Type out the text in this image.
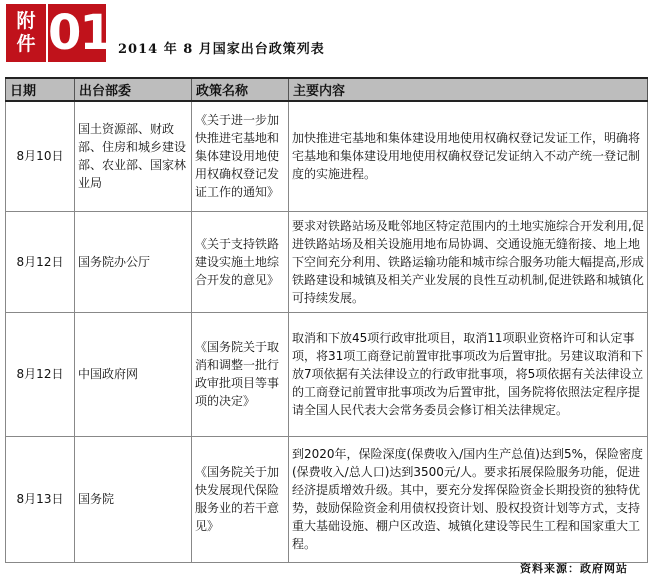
附
件 01 2014 年 8 月国家出台政策列表
日期	出台部委	政策名称	主要内容
8月10日	国土资源部、财政部、住房和城乡建设部、农业部、国家林业局	《关于进一步加快推进宅基地和集体建设用地使用权确权登记发证工作的通知》	加快推进宅基地和集体建设用地使用权确权登记发证工作，明确将宅基地和集体建设用地使用权确权登记发证纳入不动产统一登记制度的实施进程。
8月12日	国务院办公厅	《关于支持铁路建设实施土地综合开发的意见》	要求对铁路站场及毗邻地区特定范围内的土地实施综合开发利用,促进铁路站场及相关设施用地布局协调、交通设施无缝衔接、地上地下空间充分利用、铁路运输功能和城市综合服务功能大幅提高,形成铁路建设和城镇及相关产业发展的良性互动机制,促进铁路和城镇化可持续发展。
8月12日	中国政府网	《国务院关于取消和调整一批行政审批项目等事项的决定》	取消和下放45项行政审批项目，取消11项职业资格许可和认定事项，将31项工商登记前置审批事项改为后置审批。另建议取消和下放7项依据有关法律设立的行政审批事项，将5项依据有关法律设立的工商登记前置审批事项改为后置审批，国务院将依照法定程序提请全国人民代表大会常务委员会修订相关法律规定。
8月13日	国务院	《国务院关于加快发展现代保险服务业的若干意见》	到2020年，保险深度(保费收入/国内生产总值)达到5%，保险密度(保费收入/总人口)达到3500元/人。要求拓展保险服务功能，促进经济提质增效升级。其中，要充分发挥保险资金长期投资的独特优势，鼓励保险资金利用债权投资计划、股权投资计划等方式，支持重大基础设施、棚户区改造、城镇化建设等民生工程和国家重大工程。
资料来源：政府网站
